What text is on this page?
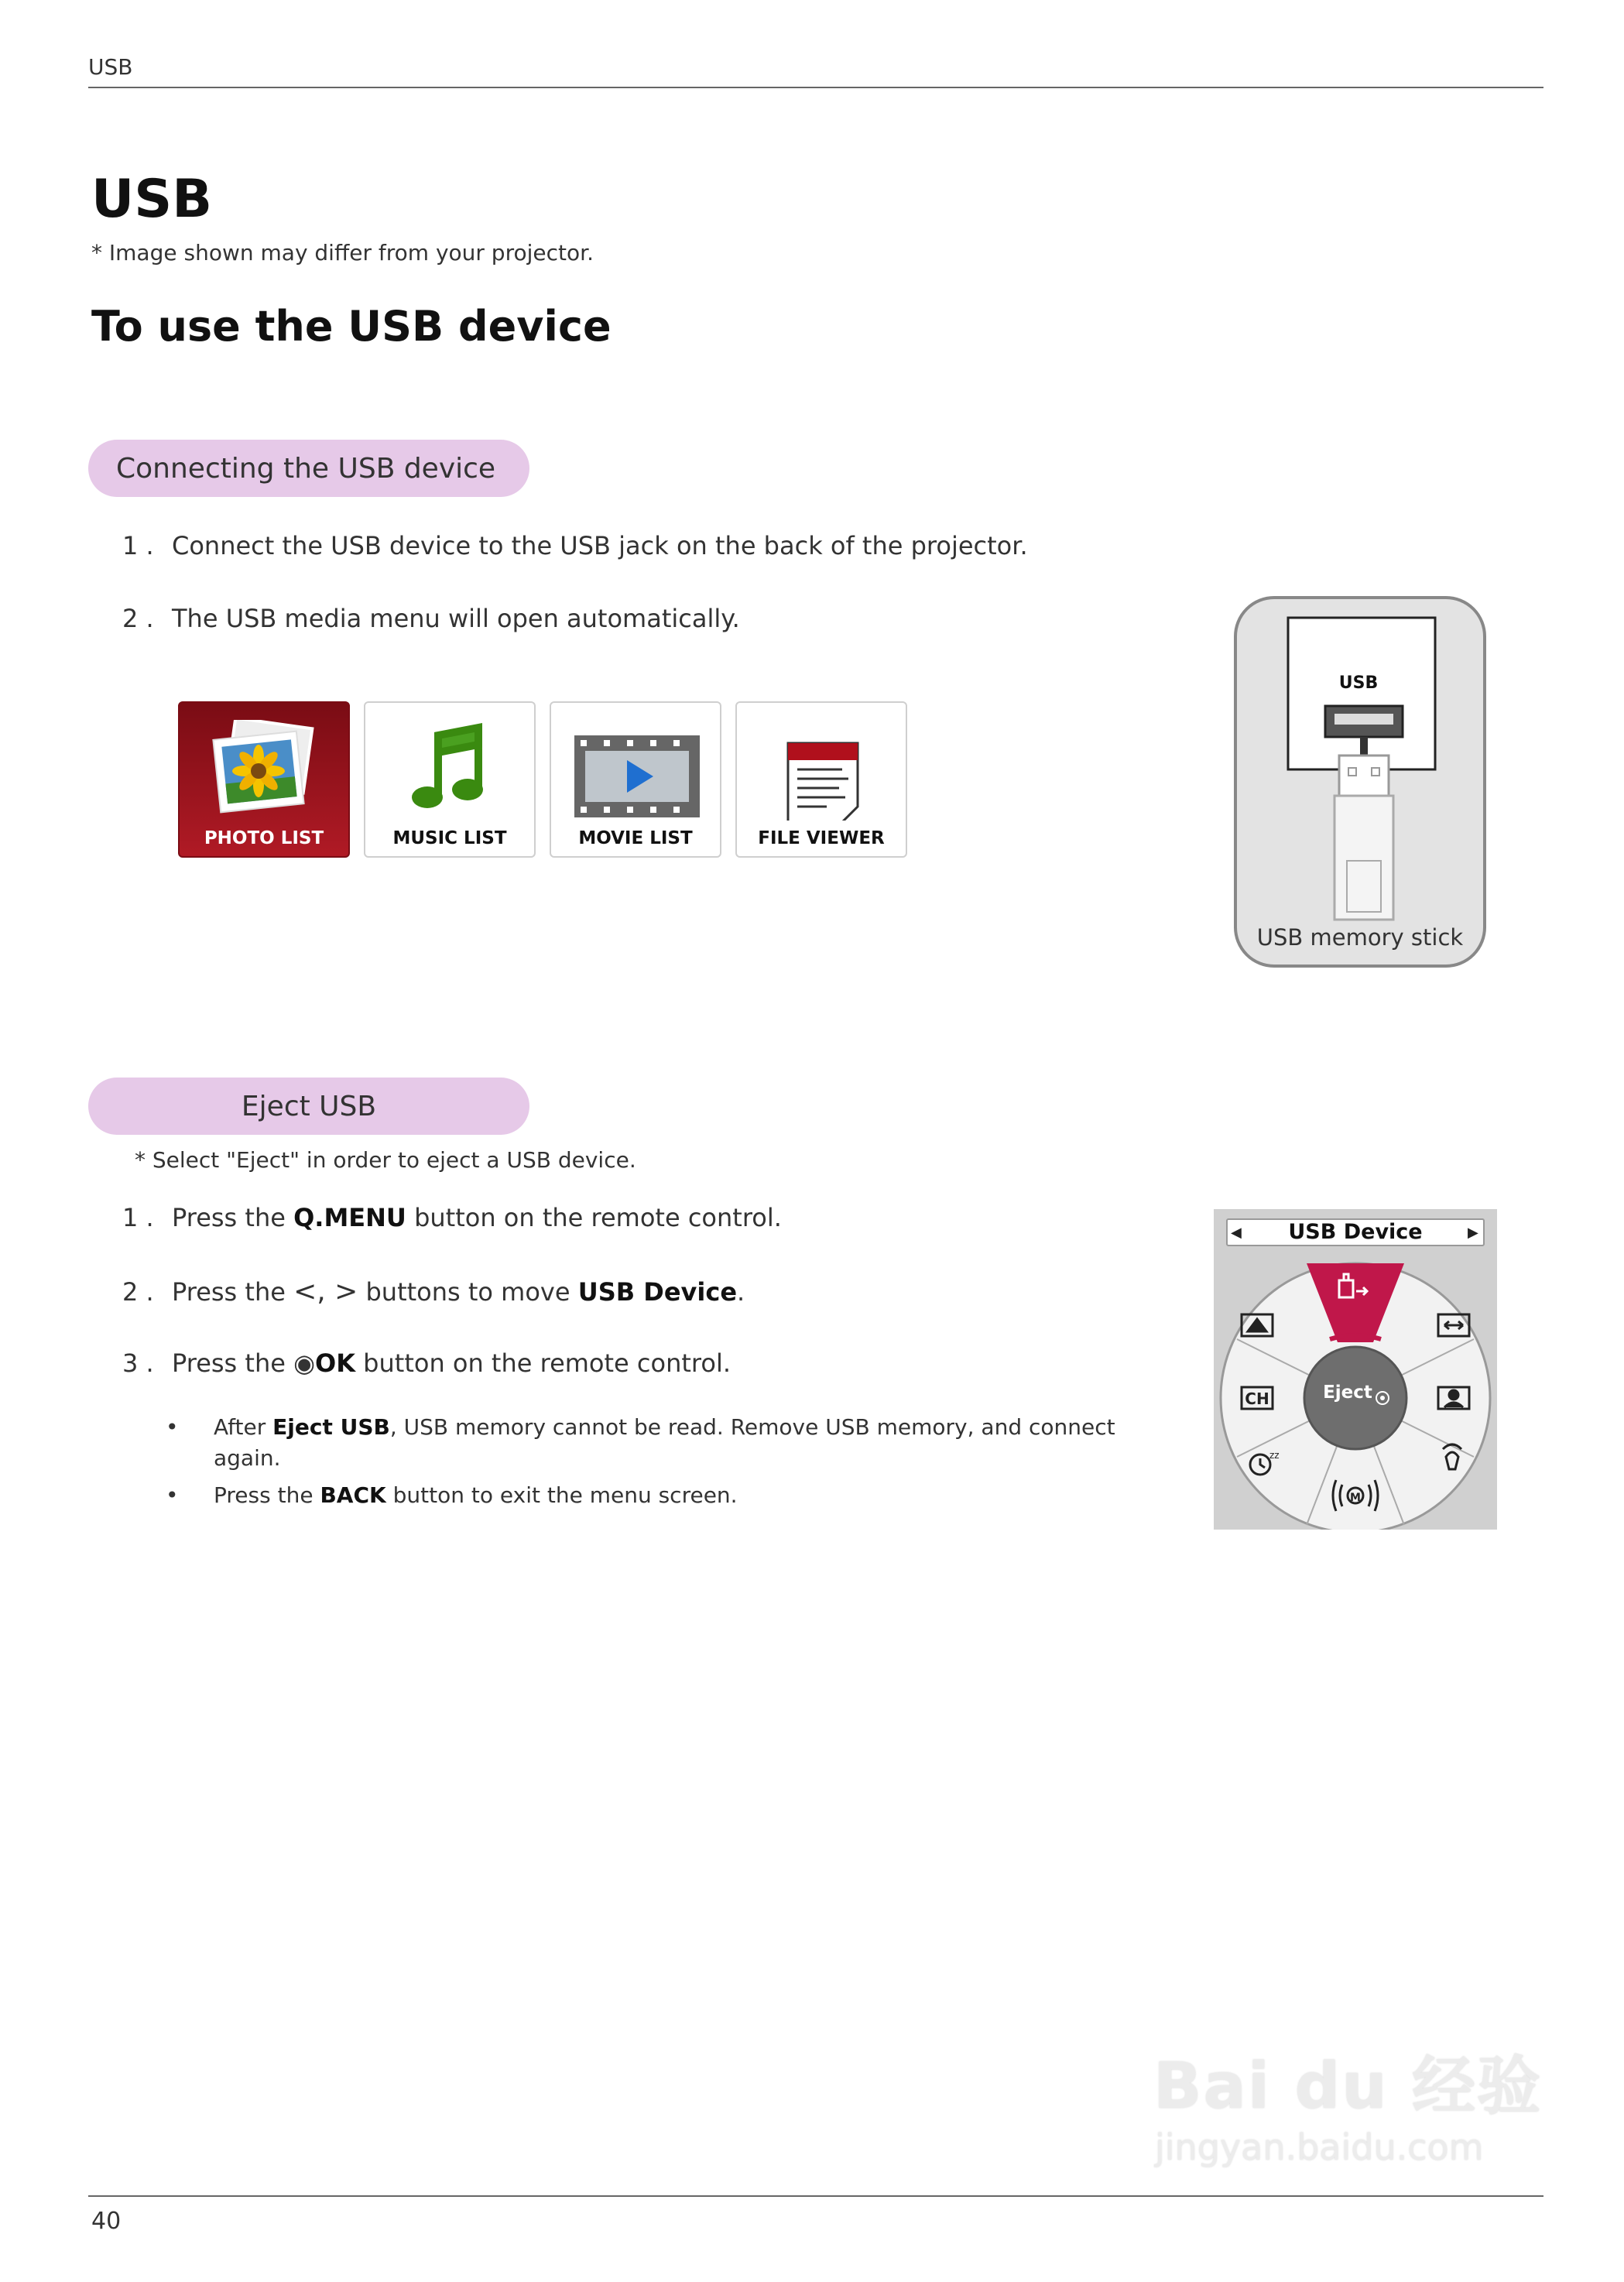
USB
USB
* Image shown may differ from your projector.
To use the USB device
Connecting the USB device
1 . Connect the USB device to the USB jack on the back of the projector.
2 . The USB media menu will open automatically.
PHOTO LIST	MUSIC LIST	MOVIE LIST	FILE VIEWER
USB
USB memory stick
Eject USB
* Select "Eject" in order to eject a USB device.
1 . Press the Q.MENU button on the remote control.
2 . Press the <, > buttons to move USB Device.
3 . Press the ◉OK button on the remote control.
•	After Eject USB, USB memory cannot be read. Remove USB memory, and connect again.
•	Press the BACK button to exit the menu screen.
◀	▶
USB Device
CH
zz
M
Eject
40
Bai du 经验
jingyan.baidu.com
